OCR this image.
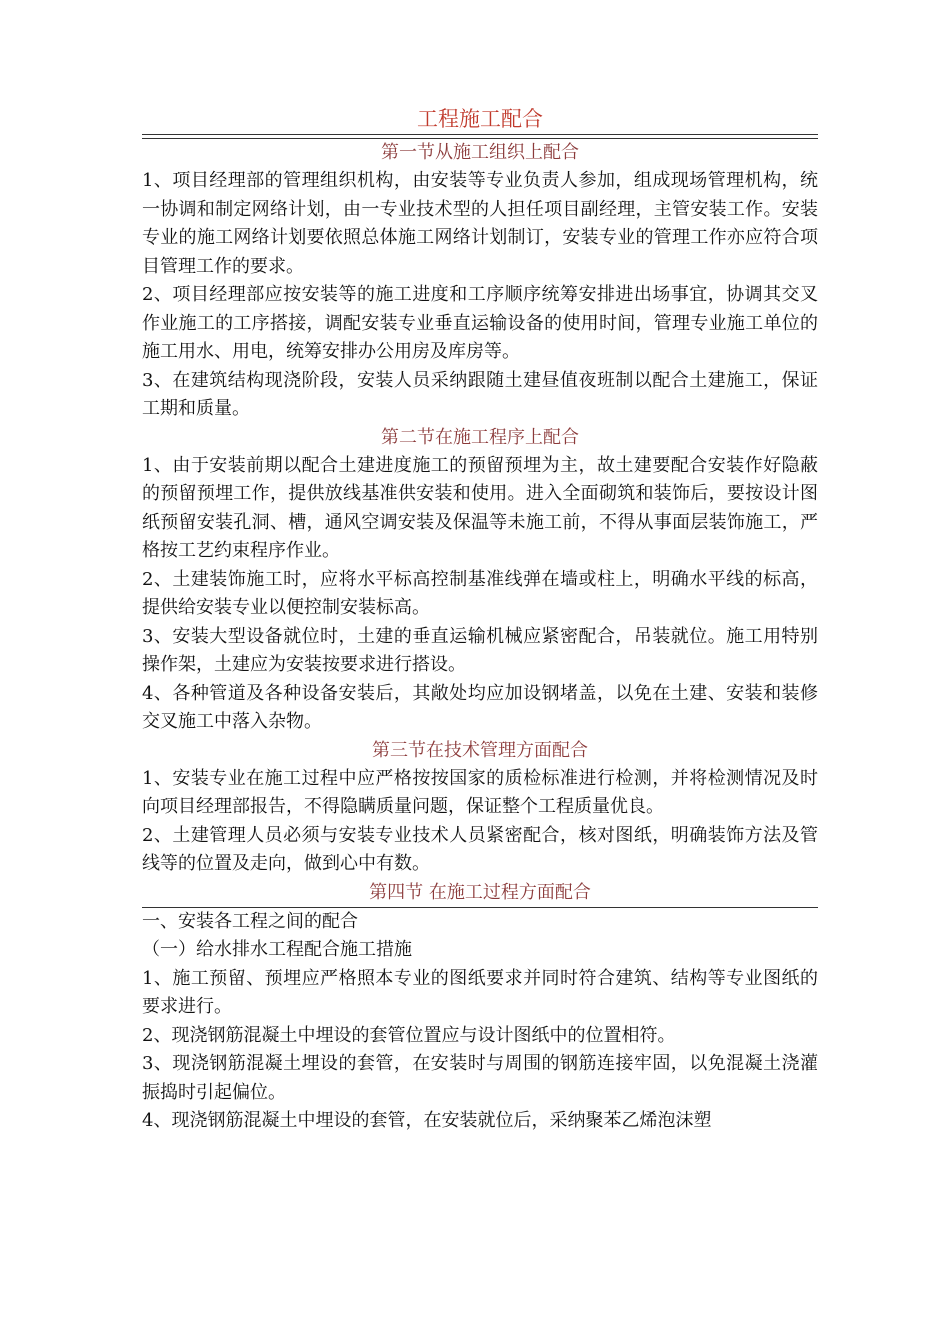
工程施工配合
第一节从施工组织上配合

1、项目经理部的管理组织机构，由安装等专业负责人参加，组成现场管理机构，统一协调和制定网络计划，由一专业技术型的人担任项目副经理，主管安装工作。安装专业的施工网络计划要依照总体施工网络计划制订，安装专业的管理工作亦应符合项目管理工作的要求。

2、项目经理部应按安装等的施工进度和工序顺序统筹安排进出场事宜，协调其交叉作业施工的工序搭接，调配安装专业垂直运输设备的使用时间，管理专业施工单位的施工用水、用电，统筹安排办公用房及库房等。

3、在建筑结构现浇阶段，安装人员采纳跟随土建昼值夜班制以配合土建施工，保证工期和质量。

第二节在施工程序上配合

1、由于安装前期以配合土建进度施工的预留预埋为主，故土建要配合安装作好隐蔽的预留预埋工作，提供放线基准供安装和使用。进入全面砌筑和装饰后，要按设计图纸预留安装孔洞、槽，通风空调安装及保温等未施工前，不得从事面层装饰施工，严格按工艺约束程序作业。

2、土建装饰施工时，应将水平标高控制基准线弹在墙或柱上，明确水平线的标高，提供给安装专业以便控制安装标高。

3、安装大型设备就位时，土建的垂直运输机械应紧密配合，吊装就位。施工用特别操作架，土建应为安装按要求进行搭设。

4、各种管道及各种设备安装后，其敞处均应加设钢堵盖，以免在土建、安装和装修交叉施工中落入杂物。

第三节在技术管理方面配合

1、安装专业在施工过程中应严格按按国家的质检标准进行检测，并将检测情况及时向项目经理部报告，不得隐瞒质量问题，保证整个工程质量优良。

2、土建管理人员必须与安装专业技术人员紧密配合，核对图纸，明确装饰方法及管线等的位置及走向，做到心中有数。

第四节 在施工过程方面配合

一、安装各工程之间的配合

（一）给水排水工程配合施工措施

1、施工预留、预埋应严格照本专业的图纸要求并同时符合建筑、结构等专业图纸的要求进行。

2、现浇钢筋混凝土中埋设的套管位置应与设计图纸中的位置相符。

3、现浇钢筋混凝土埋设的套管，在安装时与周围的钢筋连接牢固，以免混凝土浇灌振捣时引起偏位。

4、现浇钢筋混凝土中埋设的套管，在安装就位后，采纳聚苯乙烯泡沫塑
